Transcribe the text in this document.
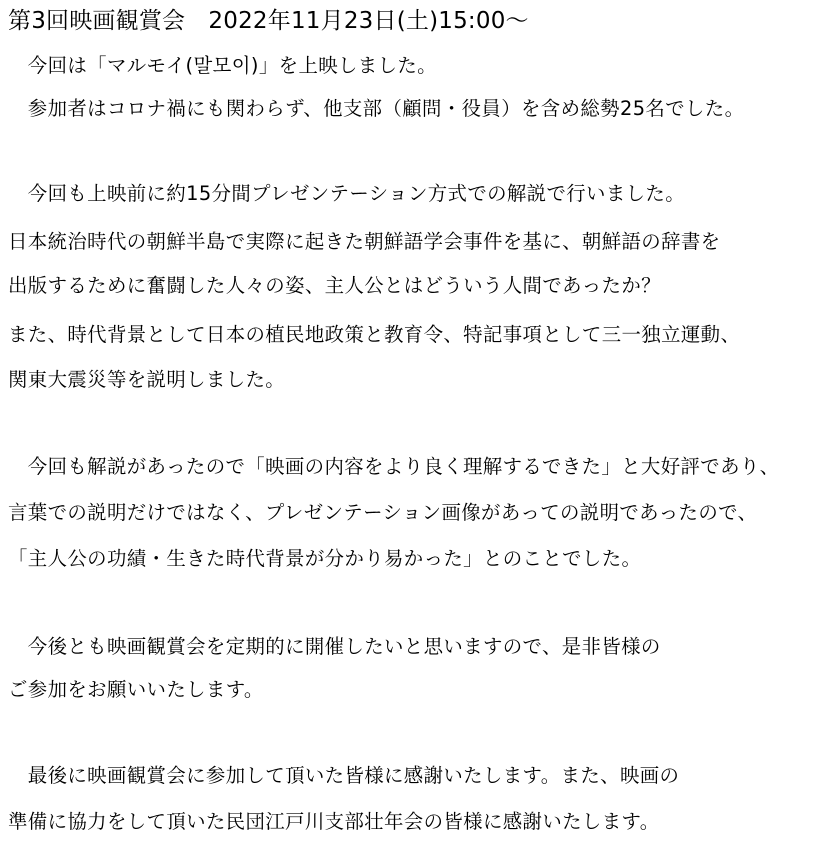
第3回映画観賞会　2022年11月23日(土)15:00～
　今回は「マルモイ(말모이)」を上映しました。
　参加者はコロナ禍にも関わらず、他支部（顧問・役員）を含め総勢25名でした。
　今回も上映前に約15分間プレゼンテーション方式での解説で行いました。
日本統治時代の朝鮮半島で実際に起きた朝鮮語学会事件を基に、朝鮮語の辞書を
出版するために奮闘した人々の姿、主人公とはどういう人間であったか？
また、時代背景として日本の植民地政策と教育令、特記事項として三一独立運動、
関東大震災等を説明しました。
　今回も解説があったので「映画の内容をより良く理解するできた」と大好評であり、
言葉での説明だけではなく、プレゼンテーション画像があっての説明であったので、
「主人公の功績・生きた時代背景が分かり易かった」とのことでした。
　今後とも映画観賞会を定期的に開催したいと思いますので、是非皆様の
ご参加をお願いいたします。
　最後に映画観賞会に参加して頂いた皆様に感謝いたします。また、映画の
準備に協力をして頂いた民団江戸川支部壮年会の皆様に感謝いたします。
